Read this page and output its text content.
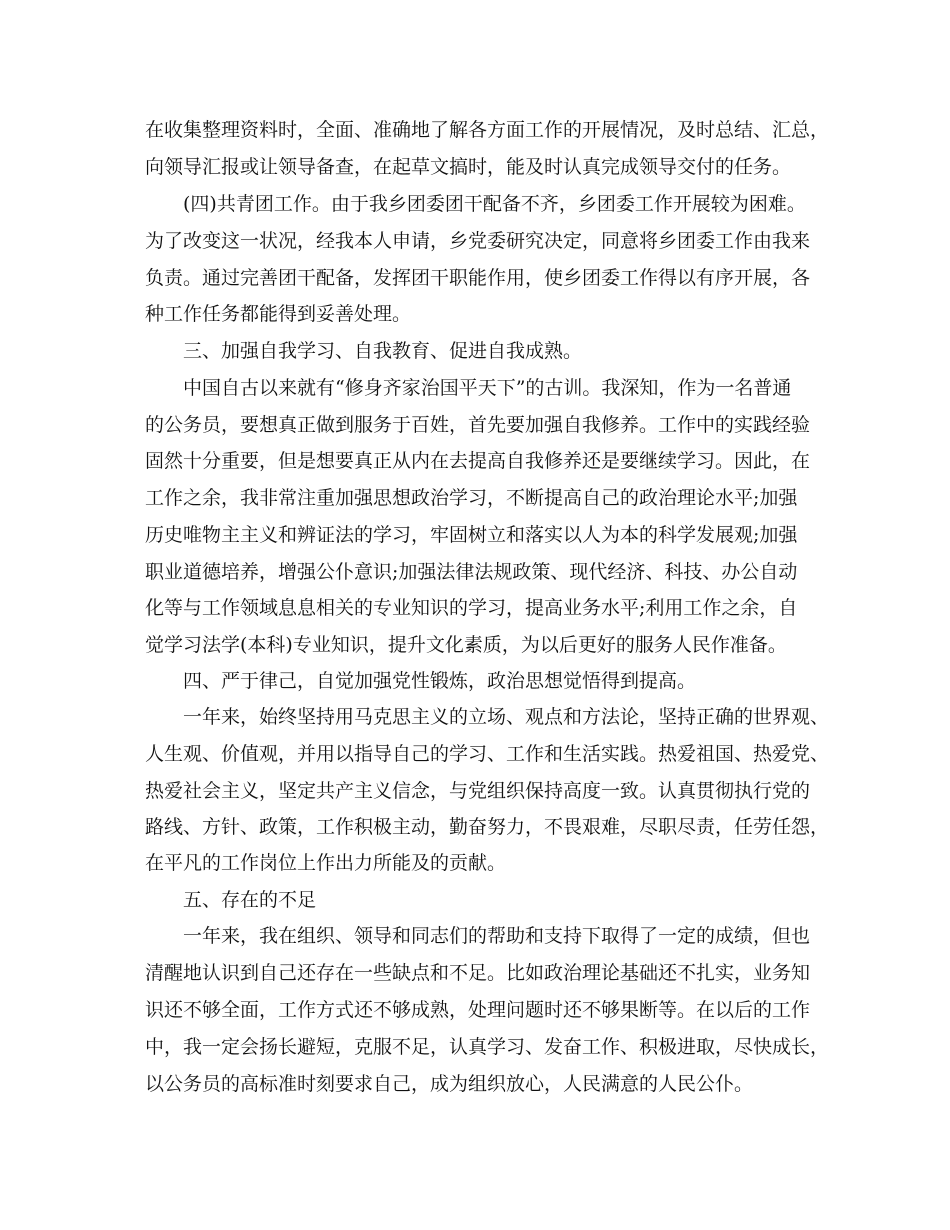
在收集整理资料时，全面、准确地了解各方面工作的开展情况，及时总结、汇总，
向领导汇报或让领导备查，在起草文搞时，能及时认真完成领导交付的任务。
(四)共青团工作。由于我乡团委团干配备不齐，乡团委工作开展较为困难。
为了改变这一状况，经我本人申请，乡党委研究决定，同意将乡团委工作由我来
负责。通过完善团干配备，发挥团干职能作用，使乡团委工作得以有序开展，各
种工作任务都能得到妥善处理。
三、加强自我学习、自我教育、促进自我成熟。
中国自古以来就有“修身齐家治国平天下”的古训。我深知，作为一名普通
的公务员，要想真正做到服务于百姓，首先要加强自我修养。工作中的实践经验
固然十分重要，但是想要真正从内在去提高自我修养还是要继续学习。因此，在
工作之余，我非常注重加强思想政治学习，不断提高自己的政治理论水平;加强
历史唯物主主义和辨证法的学习，牢固树立和落实以人为本的科学发展观;加强
职业道德培养，增强公仆意识;加强法律法规政策、现代经济、科技、办公自动
化等与工作领域息息相关的专业知识的学习，提高业务水平;利用工作之余，自
觉学习法学(本科)专业知识，提升文化素质，为以后更好的服务人民作准备。
四、严于律己，自觉加强党性锻炼，政治思想觉悟得到提高。
一年来，始终坚持用马克思主义的立场、观点和方法论，坚持正确的世界观、
人生观、价值观，并用以指导自己的学习、工作和生活实践。热爱祖国、热爱党、
热爱社会主义，坚定共产主义信念，与党组织保持高度一致。认真贯彻执行党的
路线、方针、政策，工作积极主动，勤奋努力，不畏艰难，尽职尽责，任劳任怨，
在平凡的工作岗位上作出力所能及的贡献。
五、存在的不足
一年来，我在组织、领导和同志们的帮助和支持下取得了一定的成绩，但也
清醒地认识到自己还存在一些缺点和不足。比如政治理论基础还不扎实，业务知
识还不够全面，工作方式还不够成熟，处理问题时还不够果断等。在以后的工作
中，我一定会扬长避短，克服不足，认真学习、发奋工作、积极进取，尽快成长，
以公务员的高标准时刻要求自己，成为组织放心，人民满意的人民公仆。
